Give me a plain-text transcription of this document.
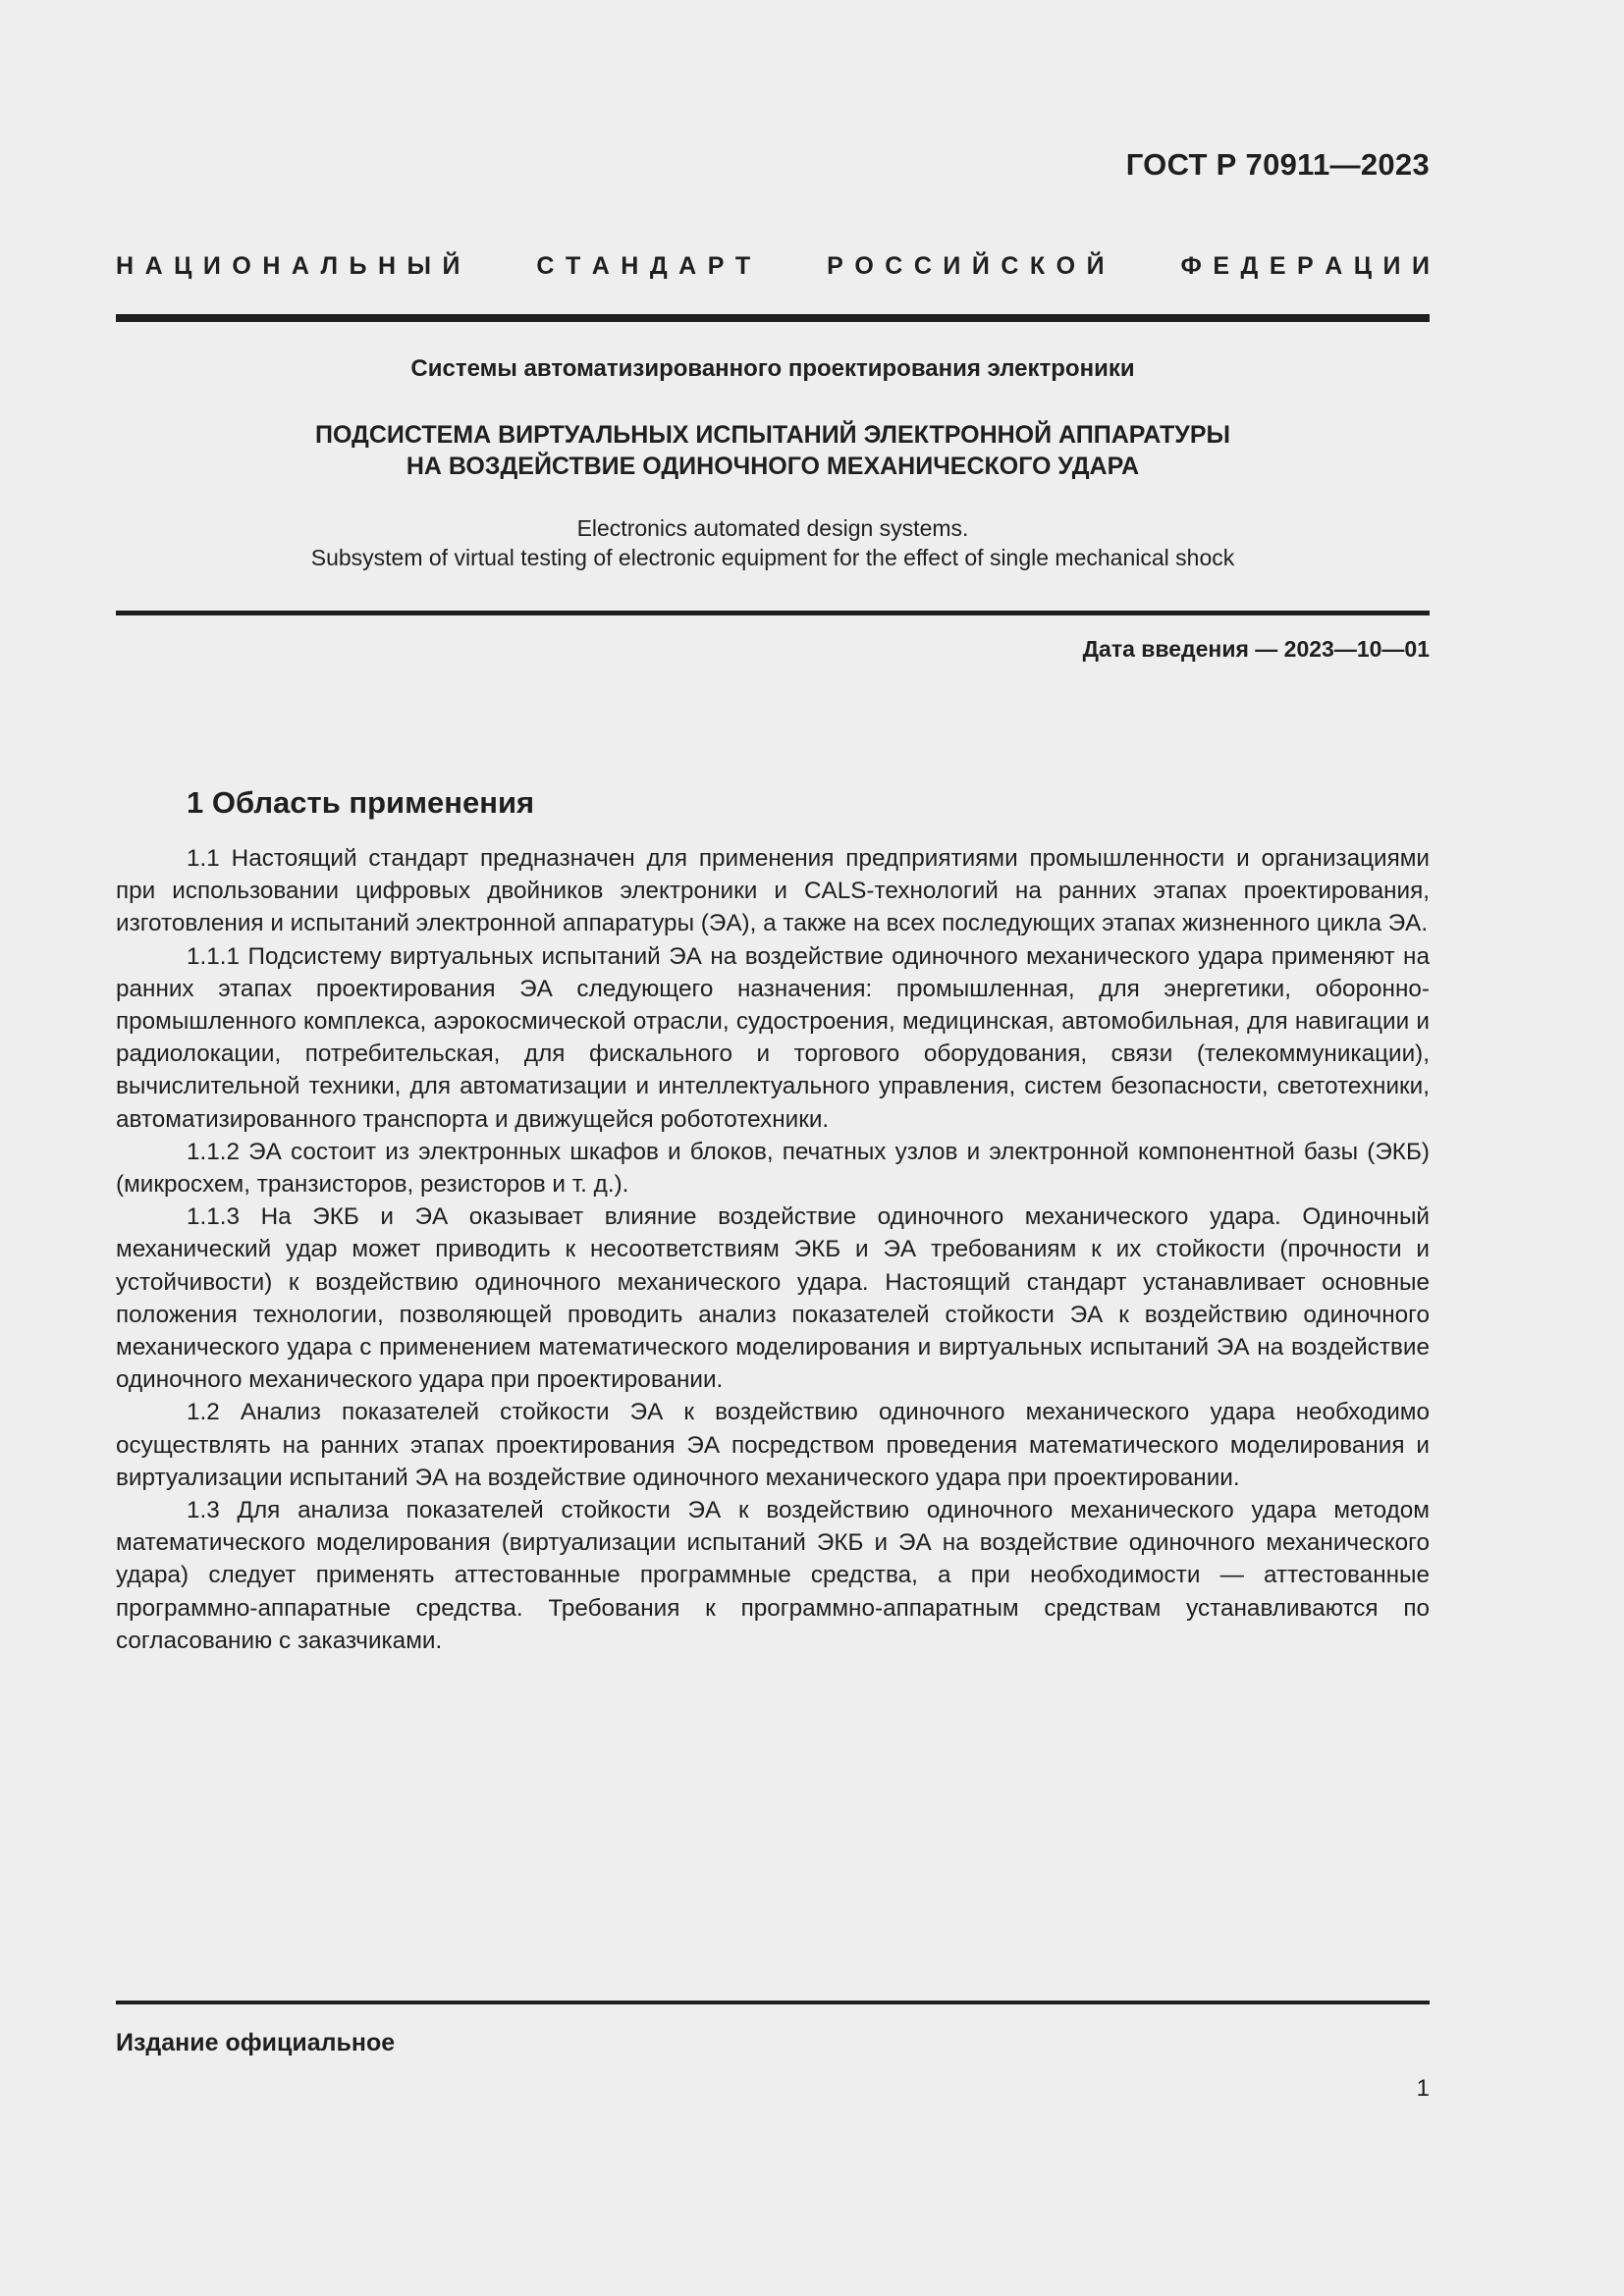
ГОСТ Р 70911—2023
Н А Ц И О Н А Л Ь Н Ы Й	С Т А Н Д А Р Т	Р О С С И Й С К О Й	Ф Е Д Е Р А Ц И И
Системы автоматизированного проектирования электроники
ПОДСИСТЕМА ВИРТУАЛЬНЫХ ИСПЫТАНИЙ ЭЛЕКТРОННОЙ АППАРАТУРЫ
НА ВОЗДЕЙСТВИЕ ОДИНОЧНОГО МЕХАНИЧЕСКОГО УДАРА
Electronics automated design systems.
Subsystem of virtual testing of electronic equipment for the effect of single mechanical shock
Дата введения — 2023—10—01
1 Область применения

1.1 Настоящий стандарт предназначен для применения предприятиями промышленности и организациями при использовании цифровых двойников электроники и CALS-технологий на ранних этапах проектирования, изготовления и испытаний электронной аппаратуры (ЭА), а также на всех последующих этапах жизненного цикла ЭА.

1.1.1 Подсистему виртуальных испытаний ЭА на воздействие одиночного механического удара применяют на ранних этапах проектирования ЭА следующего назначения: промышленная, для энергетики, оборонно-промышленного комплекса, аэрокосмической отрасли, судостроения, медицинская, автомобильная, для навигации и радиолокации, потребительская, для фискального и торгового оборудования, связи (телекоммуникации), вычислительной техники, для автоматизации и интеллектуального управления, систем безопасности, светотехники, автоматизированного транспорта и движущейся робототехники.

1.1.2 ЭА состоит из электронных шкафов и блоков, печатных узлов и электронной компонентной базы (ЭКБ) (микросхем, транзисторов, резисторов и т. д.).

1.1.3 На ЭКБ и ЭА оказывает влияние воздействие одиночного механического удара. Одиночный механический удар может приводить к несоответствиям ЭКБ и ЭА требованиям к их стойкости (прочности и устойчивости) к воздействию одиночного механического удара. Настоящий стандарт устанавливает основные положения технологии, позволяющей проводить анализ показателей стойкости ЭА к воздействию одиночного механического удара с применением математического моделирования и виртуальных испытаний ЭА на воздействие одиночного механического удара при проектировании.

1.2 Анализ показателей стойкости ЭА к воздействию одиночного механического удара необходимо осуществлять на ранних этапах проектирования ЭА посредством проведения математического моделирования и виртуализации испытаний ЭА на воздействие одиночного механического удара при проектировании.

1.3 Для анализа показателей стойкости ЭА к воздействию одиночного механического удара методом математического моделирования (виртуализации испытаний ЭКБ и ЭА на воздействие одиночного механического удара) следует применять аттестованные программные средства, а при необходимости — аттестованные программно-аппаратные средства. Требования к программно-аппаратным средствам устанавливаются по согласованию с заказчиками.

Издание официальное
1
